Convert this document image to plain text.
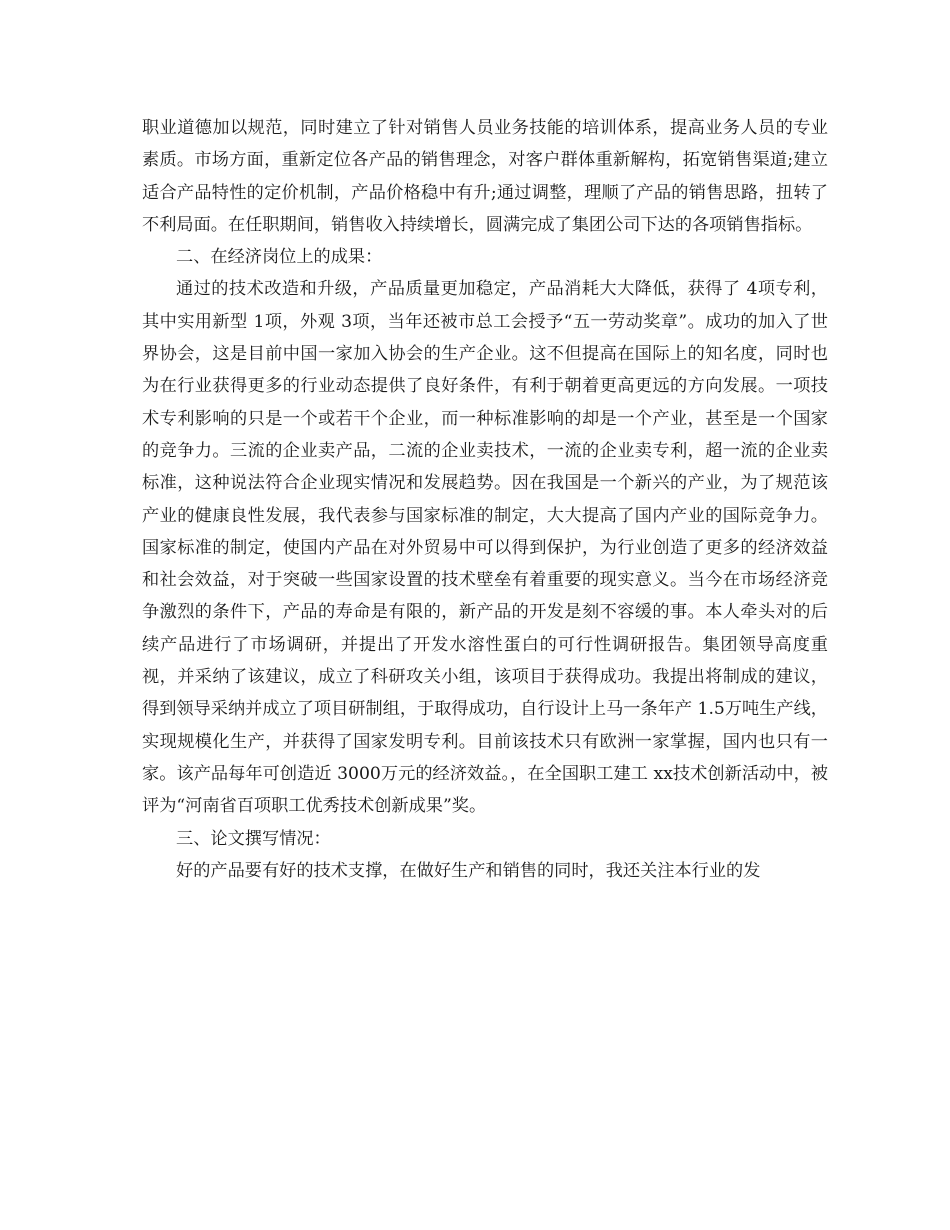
职业道德加以规范，同时建立了针对销售人员业务技能的培训体系，提高业务人员的专业素质。市场方面，重新定位各产品的销售理念，对客户群体重新解构，拓宽销售渠道;建立适合产品特性的定价机制，产品价格稳中有升;通过调整，理顺了产品的销售思路，扭转了不利局面。在任职期间，销售收入持续增长，圆满完成了集团公司下达的各项销售指标。

二、在经济岗位上的成果：

通过的技术改造和升级，产品质量更加稳定，产品消耗大大降低，获得了 4项专利，其中实用新型 1项，外观 3项，当年还被市总工会授予“五一劳动奖章”。成功的加入了世界协会，这是目前中国一家加入协会的生产企业。这不但提高在国际上的知名度，同时也为在行业获得更多的行业动态提供了良好条件，有利于朝着更高更远的方向发展。一项技术专利影响的只是一个或若干个企业，而一种标准影响的却是一个产业，甚至是一个国家的竞争力。三流的企业卖产品，二流的企业卖技术，一流的企业卖专利，超一流的企业卖标准，这种说法符合企业现实情况和发展趋势。因在我国是一个新兴的产业，为了规范该产业的健康良性发展，我代表参与国家标准的制定，大大提高了国内产业的国际竞争力。国家标准的制定，使国内产品在对外贸易中可以得到保护，为行业创造了更多的经济效益和社会效益，对于突破一些国家设置的技术壁垒有着重要的现实意义。当今在市场经济竞争激烈的条件下，产品的寿命是有限的，新产品的开发是刻不容缓的事。本人牵头对的后续产品进行了市场调研，并提出了开发水溶性蛋白的可行性调研报告。集团领导高度重视，并采纳了该建议，成立了科研攻关小组，该项目于获得成功。我提出将制成的建议，得到领导采纳并成立了项目研制组，于取得成功，自行设计上马一条年产 1.5万吨生产线，实现规模化生产，并获得了国家发明专利。目前该技术只有欧洲一家掌握，国内也只有一家。该产品每年可创造近 3000万元的经济效益。，在全国职工建工 xx技术创新活动中，被评为“河南省百项职工优秀技术创新成果”奖。

三、论文撰写情况：

好的产品要有好的技术支撑，在做好生产和销售的同时，我还关注本行业的发
